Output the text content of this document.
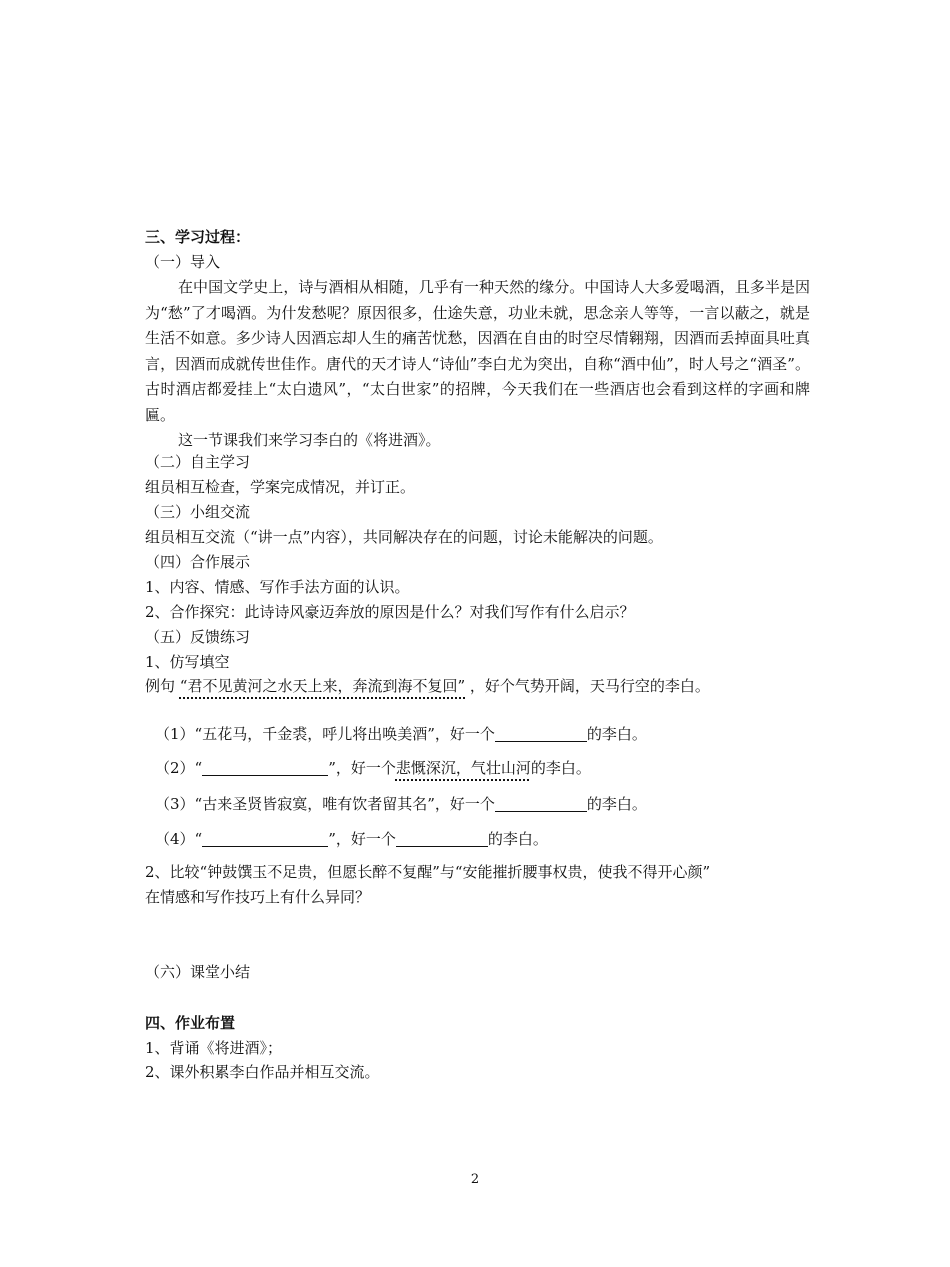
三、学习过程：
（一）导入

在中国文学史上，诗与酒相从相随，几乎有一种天然的缘分。中国诗人大多爱喝酒，且多半是因为“愁”了才喝酒。为什发愁呢？原因很多，仕途失意，功业未就，思念亲人等等，一言以蔽之，就是生活不如意。多少诗人因酒忘却人生的痛苦忧愁，因酒在自由的时空尽情翱翔，因酒而丢掉面具吐真言，因酒而成就传世佳作。唐代的天才诗人“诗仙”李白尤为突出，自称“酒中仙”，时人号之“酒圣”。古时酒店都爱挂上“太白遗风”，“太白世家”的招牌，今天我们在一些酒店也会看到这样的字画和牌匾。

这一节课我们来学习李白的《将进酒》。

（二）自主学习
组员相互检查，学案完成情况，并订正。
（三）小组交流
组员相互交流（“讲一点”内容），共同解决存在的问题，讨论未能解决的问题。
（四）合作展示
1、内容、情感、写作手法方面的认识。
2、合作探究：此诗诗风豪迈奔放的原因是什么？对我们写作有什么启示？
（五）反馈练习
1、仿写填空
例句 “君不见黄河之水天上来，奔流到海不复回” ，好个气势开阔，天马行空的李白。
（1）“五花马，千金裘，呼儿将出唤美酒”，好一个	的李白。
（2）“	”，好一个悲慨深沉，气壮山河的李白。
（3）“古来圣贤皆寂寞，唯有饮者留其名”，好一个	的李白。
（4）“	”，好一个	的李白。
2、比较“钟鼓馔玉不足贵，但愿长醉不复醒”与“安能摧折腰事权贵，使我不得开心颜”
在情感和写作技巧上有什么异同？
（六）课堂小结
四、作业布置
1、背诵《将进酒》；
2、课外积累李白作品并相互交流。
2
